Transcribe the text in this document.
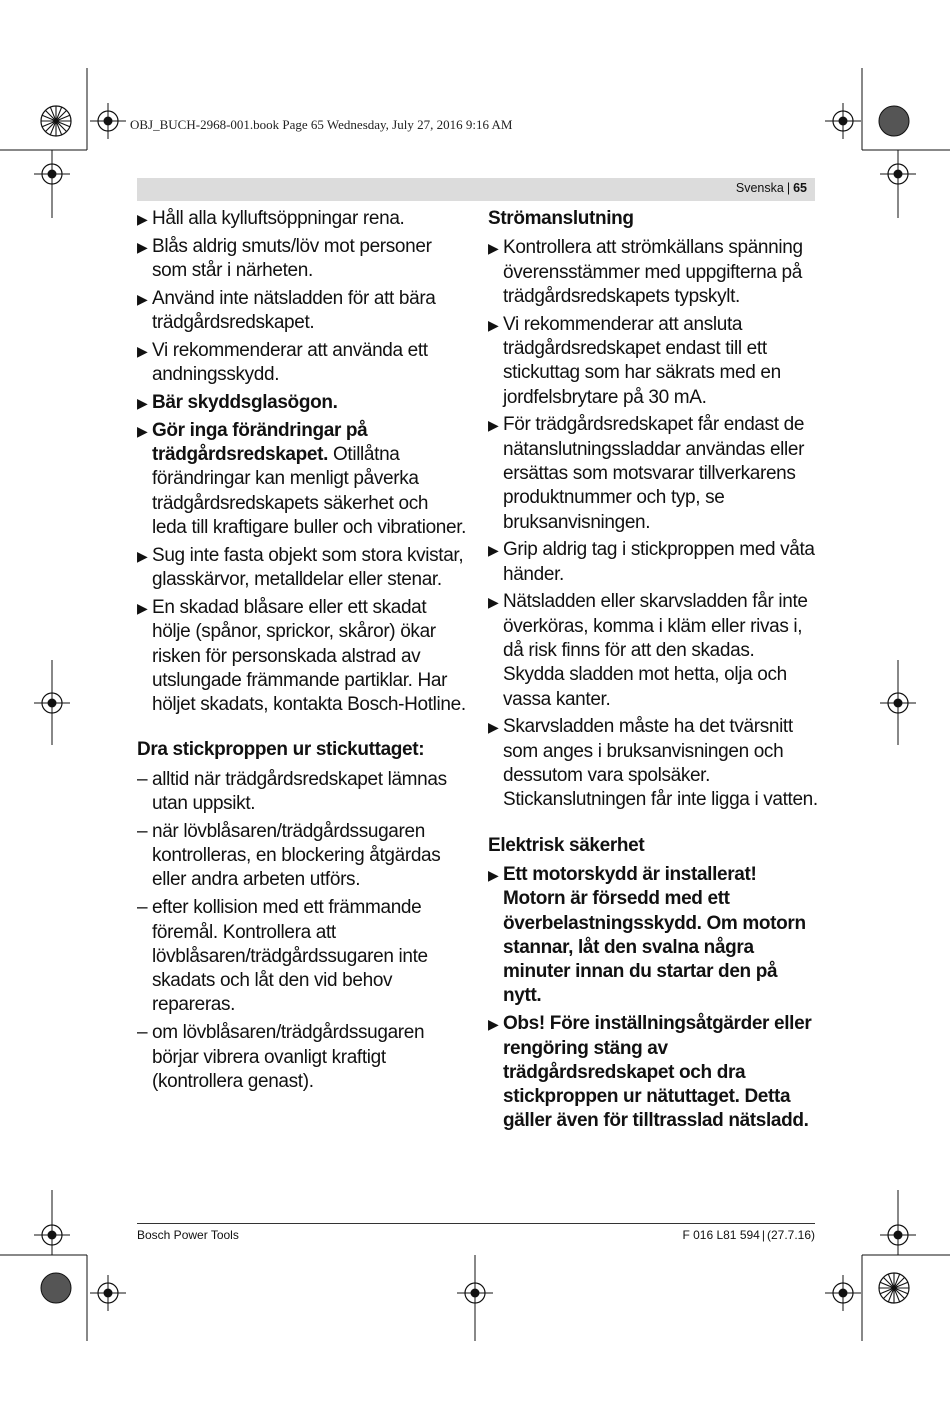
OBJ_BUCH-2968-001.book Page 65 Wednesday, July 27, 2016 9:16 AM
Svenska | 65
▶ Håll alla kylluftsöppningar rena.
▶ Blås aldrig smuts/löv mot personer som står i närheten.
▶ Använd inte nätsladden för att bära trädgårdsredskapet.
▶ Vi rekommenderar att använda ett andningsskydd.
▶ Bär skyddsglasögon.
▶ Gör inga förändringar på trädgårdsredskapet. Otillåtna förändringar kan menligt påverka trädgårdsredskapets säkerhet och leda till kraftigare buller och vibrationer.
▶ Sug inte fasta objekt som stora kvistar, glasskärvor, metalldelar eller stenar.
▶ En skadad blåsare eller ett skadat hölje (spånor, sprickor, skåror) ökar risken för personskada alstrad av utslungade främmande partiklar. Har höljet skadats, kontakta Bosch-Hotline.
Dra stickproppen ur stickuttaget:
– alltid när trädgårdsredskapet lämnas utan uppsikt.
– när lövblåsaren/trädgårdssugaren kontrolleras, en blockering åtgärdas eller andra arbeten utförs.
– efter kollision med ett främmande föremål. Kontrollera att lövblåsaren/trädgårdssugaren inte skadats och låt den vid behov repareras.
– om lövblåsaren/trädgårdssugaren börjar vibrera ovanligt kraftigt (kontrollera genast).
Strömanslutning
▶ Kontrollera att strömkällans spänning överensstämmer med uppgifterna på trädgårdsredskapets typskylt.
▶ Vi rekommenderar att ansluta trädgårdsredskapet endast till ett stickuttag som har säkrats med en jordfelsbrytare på 30 mA.
▶ För trädgårdsredskapet får endast de nätanslutningssladdar användas eller ersättas som motsvarar tillverkarens produktnummer och typ, se bruksanvisningen.
▶ Grip aldrig tag i stickproppen med våta händer.
▶ Nätsladden eller skarvsladden får inte överköras, komma i kläm eller rivas i, då risk finns för att den skadas. Skydda sladden mot hetta, olja och vassa kanter.
▶ Skarvsladden måste ha det tvärsnitt som anges i bruksanvisningen och dessutom vara spolsäker. Stickanslutningen får inte ligga i vatten.
Elektrisk säkerhet
▶ Ett motorskydd är installerat! Motorn är försedd med ett överbelastningsskydd. Om motorn stannar, låt den svalna några minuter innan du startar den på nytt.
▶ Obs! Före inställningsåtgärder eller rengöring stäng av trädgårdsredskapet och dra stickproppen ur nätuttaget. Detta gäller även för tilltrasslad nätsladd.
Bosch Power Tools	F 016 L81 594 | (27.7.16)
